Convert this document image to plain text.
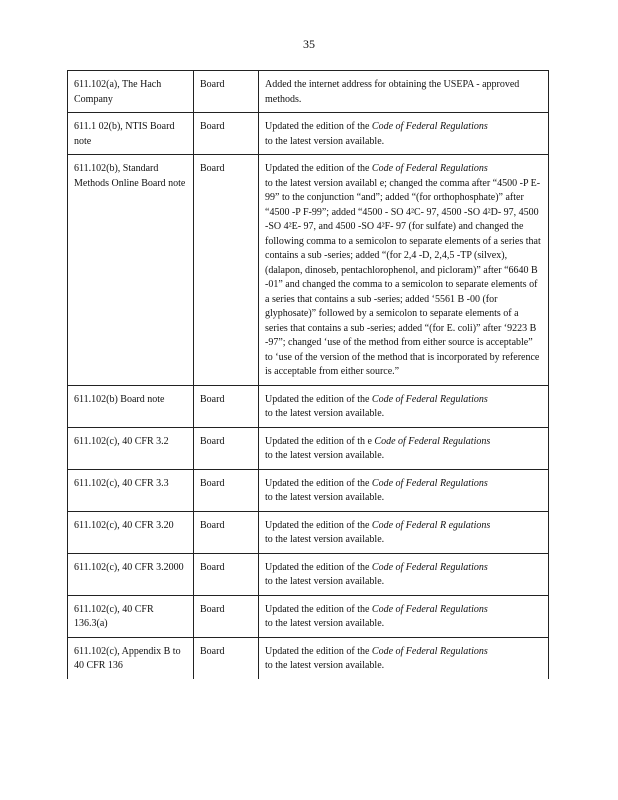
35
611.102(a), The Hach Company	Board	Added the internet address for obtaining the USEPA - approved methods.
611.1 02(b), NTIS Board note	Board	Updated the edition of the Code of Federal Regulations
to the latest version available.
611.102(b), Standard Methods Online Board note	Board	Updated the edition of the Code of Federal Regulations
to the latest version availabl e; changed the comma after “4500 -P E-99” to the conjunction “and”; added “(for orthophosphate)” after “4500 -P F-99”; added “4500 - SO 4²C- 97, 4500 -SO 4²D- 97, 4500 -SO 4²E- 97, and 4500 -SO 4²F- 97 (for sulfate) and changed the following comma to a semicolon to separate elements of a series that contains a sub -series; added “(for 2,4 -D, 2,4,5 -TP (silvex), (dalapon, dinoseb, pentachlorophenol, and picloram)” after “6640 B -01” and changed the comma to a semicolon to separate elements of a series that contains a sub -series; added ‘5561 B -00 (for glyphosate)” followed by a semicolon to separate elements of a series that contains a sub -series; added “(for E. coli)” after ‘9223 B -97”; changed ‘use of the method from either source is acceptable” to ‘use of the version of the method that is incorporated by reference is acceptable from either source.”
611.102(b) Board note	Board	Updated the edition of the Code of Federal Regulations
to the latest version available.
611.102(c), 40 CFR 3.2	Board	Updated the edition of th e Code of Federal Regulations
to the latest version available.
611.102(c), 40 CFR 3.3	Board	Updated the edition of the Code of Federal Regulations
to the latest version available.
611.102(c), 40 CFR 3.20	Board	Updated the edition of the Code of Federal R egulations
to the latest version available.
611.102(c), 40 CFR 3.2000	Board	Updated the edition of the Code of Federal Regulations
to the latest version available.
611.102(c), 40 CFR 136.3(a)	Board	Updated the edition of the Code of Federal Regulations
to the latest version available.
611.102(c), Appendix B to 40 CFR 136	Board	Updated the edition of the Code of Federal Regulations
to the latest version available.
